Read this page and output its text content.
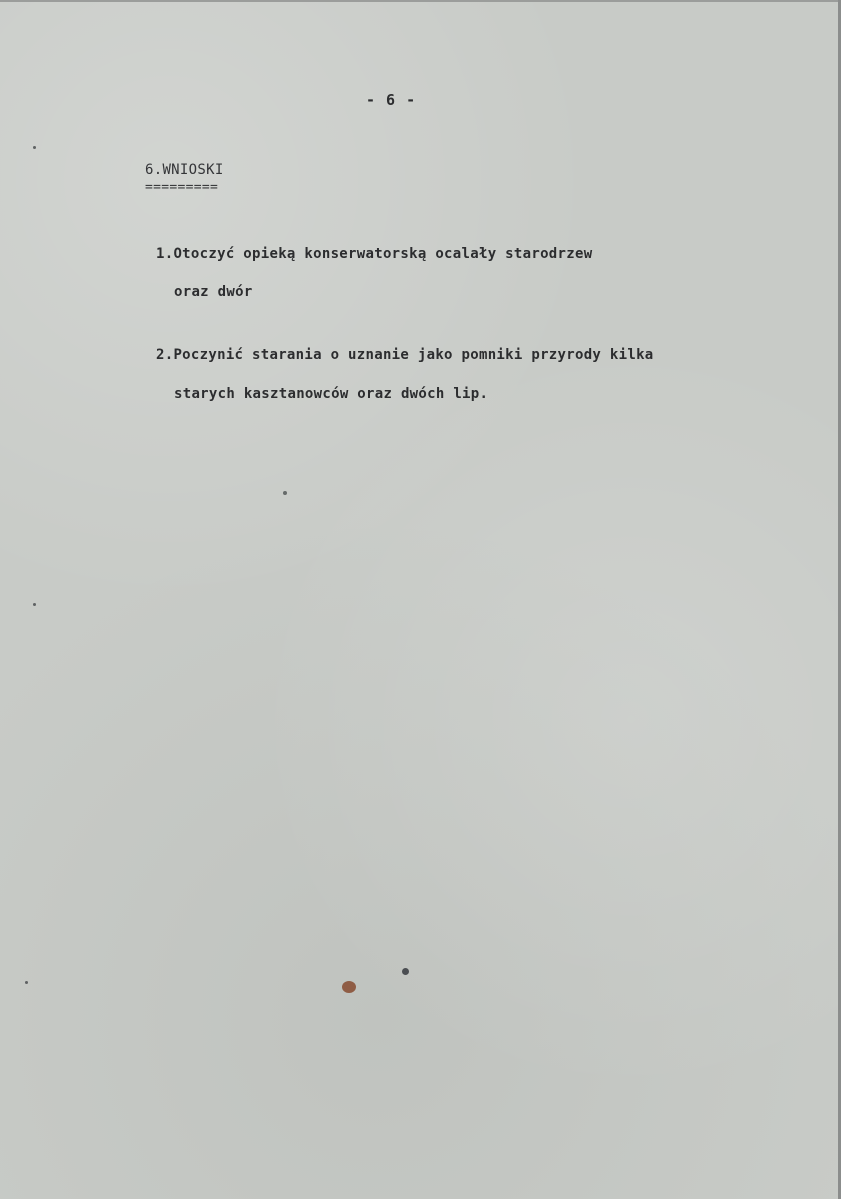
- 6 -
6.WNIOSKI
=========
1.Otoczyć opieką konserwatorską ocalały starodrzew
oraz dwór
2.Poczynić starania o uznanie jako pomniki przyrody kilka
starych kasztanowców oraz dwóch lip.
